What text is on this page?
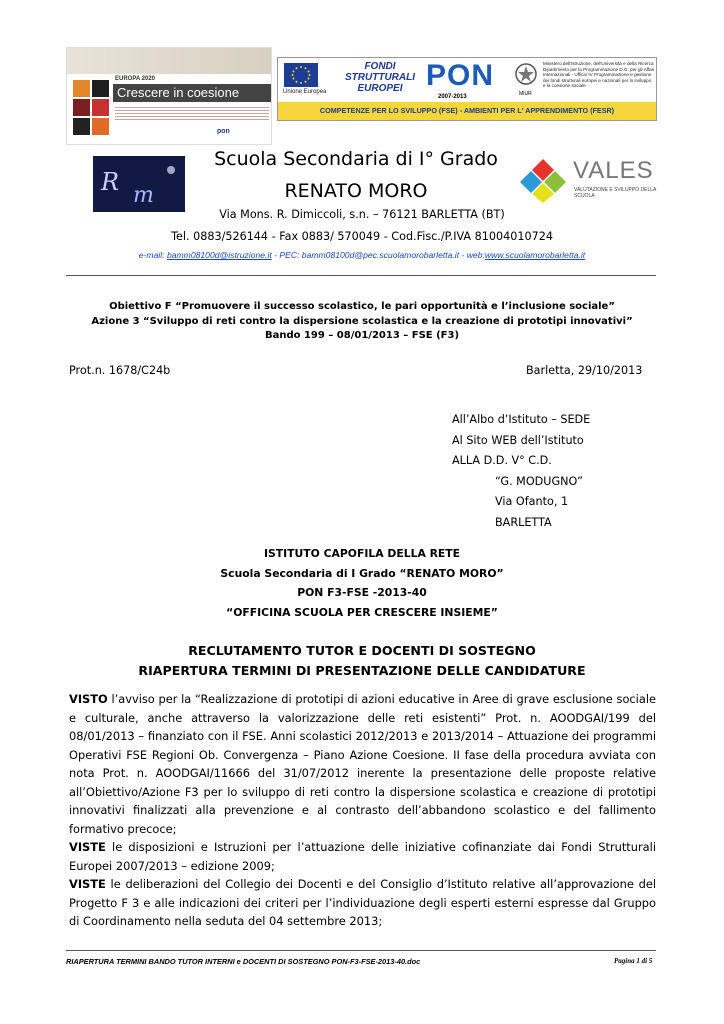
EUROPA 2020
Crescere in coesione
pon
Unione Europea
FONDI STRUTTURALI EUROPEI PON
2007-2013	MIUR
Ministero dell'Istruzione, dell'Università e della Ricerca Dipartimento per la Programmazione D.G. per gli Affari Internazionali - Ufficio IV Programmazione e gestione dei fondi strutturali europei e nazionali per lo sviluppo e la coesione sociale
COMPETENZE PER LO SVILUPPO (FSE) - AMBIENTI PER L' APPRENDIMENTO (FESR)
R m
Scuola Secondaria di I° Grado
RENATO MORO
VALES
VALUTAZIONE E SVILUPPO DELLA SCUOLA
Via Mons. R. Dimiccoli, s.n. – 76121 BARLETTA (BT)
Tel. 0883/526144 - Fax 0883/ 570049 - Cod.Fisc./P.IVA 81004010724
e-mail: bamm08100d@istruzione.it - PEC: bamm08100d@pec.scuolamorobarletta.it - web:www.scuolamorobarletta.it
Obiettivo F “Promuovere il successo scolastico, le pari opportunità e l’inclusione sociale”
Azione 3 “Sviluppo di reti contro la dispersione scolastica e la creazione di prototipi innovativi”
Bando 199 – 08/01/2013 – FSE (F3)
Prot.n. 1678/C24b	Barletta, 29/10/2013
All’Albo d’Istituto – SEDE
Al Sito WEB dell’Istituto
ALLA D.D. V° C.D.
“G. MODUGNO”
Via Ofanto, 1
BARLETTA
ISTITUTO CAPOFILA DELLA RETE
Scuola Secondaria di I Grado “RENATO MORO”
PON F3-FSE -2013-40
“OFFICINA SCUOLA PER CRESCERE INSIEME”
RECLUTAMENTO TUTOR E DOCENTI DI SOSTEGNO
RIAPERTURA TERMINI DI PRESENTAZIONE DELLE CANDIDATURE

VISTO l’avviso per la “Realizzazione di prototipi di azioni educative in Aree di grave esclusione sociale e culturale, anche attraverso la valorizzazione delle reti esistenti” Prot. n. AOODGAI/199 del 08/01/2013 – finanziato con il FSE. Anni scolastici 2012/2013 e 2013/2014 – Attuazione dei programmi Operativi FSE Regioni Ob. Convergenza – Piano Azione Coesione. II fase della procedura avviata con nota Prot. n. AOODGAI/11666 del 31/07/2012 inerente la presentazione delle proposte relative all’Obiettivo/Azione F3 per lo sviluppo di reti contro la dispersione scolastica e creazione di prototipi innovativi finalizzati alla prevenzione e al contrasto dell’abbandono scolastico e del fallimento formativo precoce;

VISTE le disposizioni e Istruzioni per l’attuazione delle iniziative cofinanziate dai Fondi Strutturali Europei 2007/2013 – edizione 2009;

VISTE le deliberazioni del Collegio dei Docenti e del Consiglio d’Istituto relative all’approvazione del Progetto F 3 e alle indicazioni dei criteri per l’individuazione degli esperti esterni espresse dal Gruppo di Coordinamento nella seduta del 04 settembre 2013;

RIAPERTURA TERMINI BANDO TUTOR INTERNI e DOCENTI DI SOSTEGNO PON-F3-FSE-2013-40.doc	Pagina 1 di 5
